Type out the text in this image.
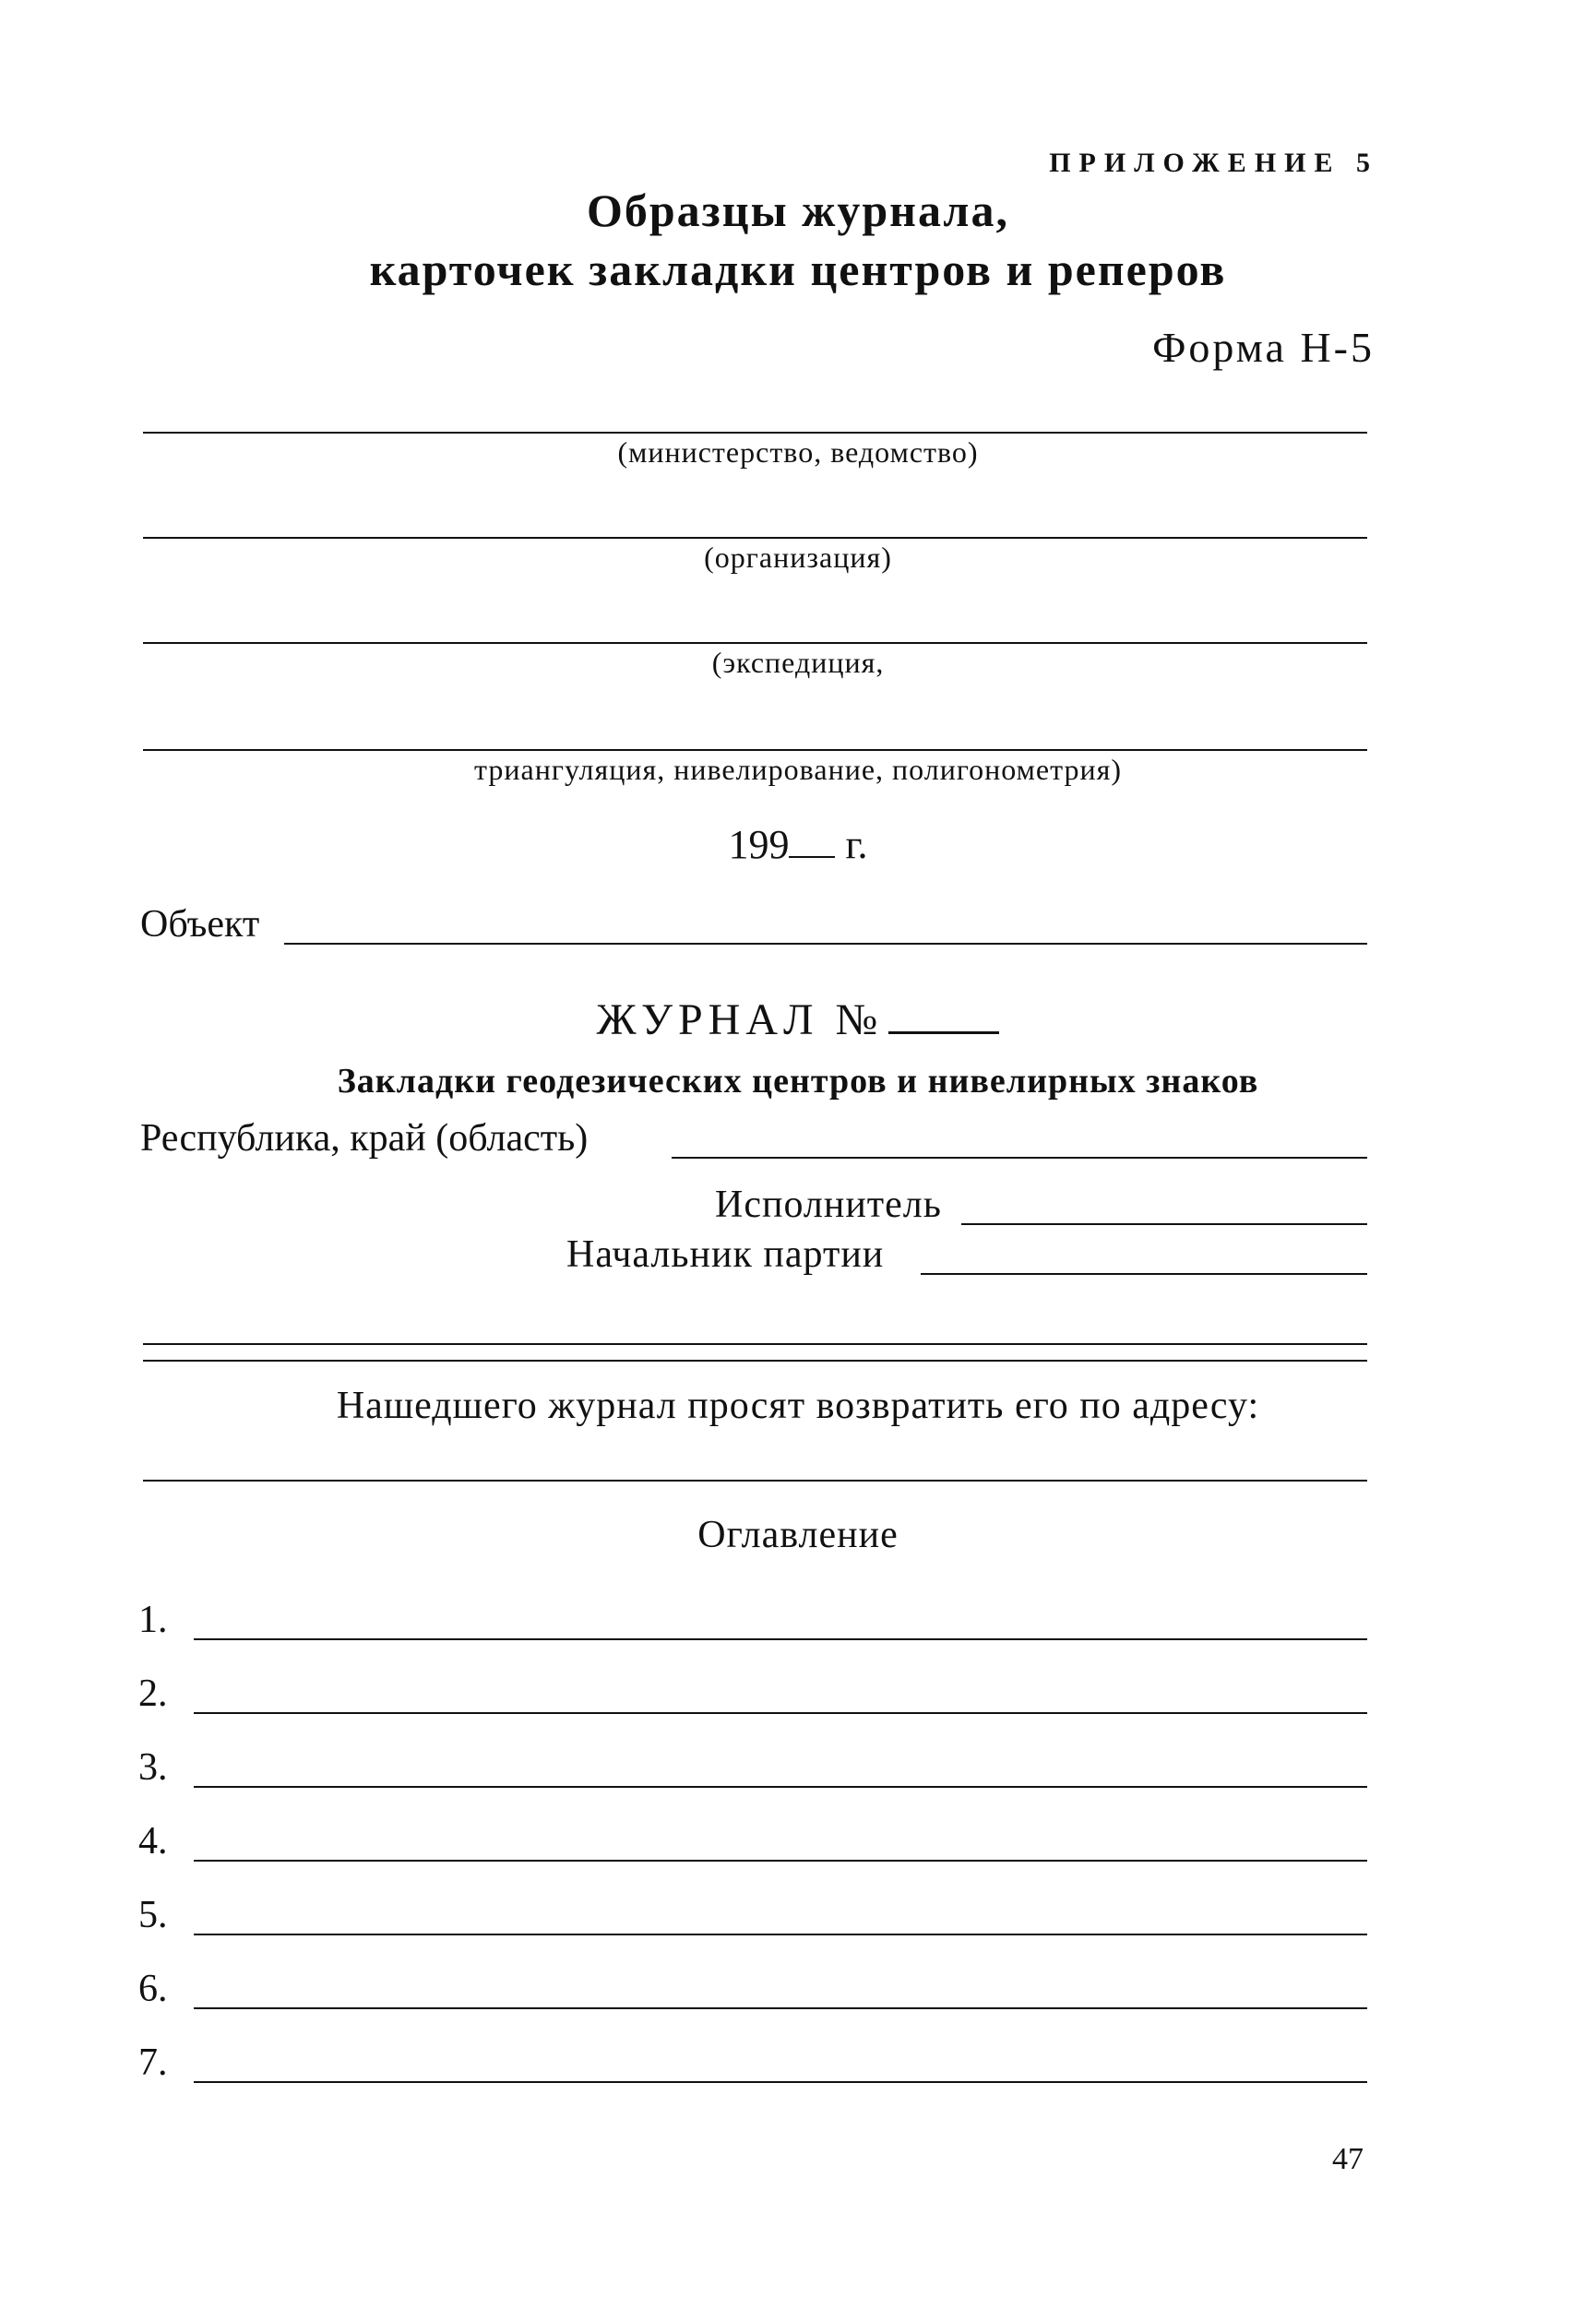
ПРИЛОЖЕНИЕ 5
Образцы журнала,
карточек закладки центров и реперов
Форма Н-5
(министерство, ведомство)
(организация)
(экспедиция,
триангуляция, нивелирование, полигонометрия)
199 г.
Объект
ЖУРНАЛ №
Закладки геодезических центров и нивелирных знаков
Республика, край (область)
Исполнитель
Начальник партии
Нашедшего журнал просят возвратить его по адресу:
Оглавление
1.
2.
3.
4.
5.
6.
7.
47
